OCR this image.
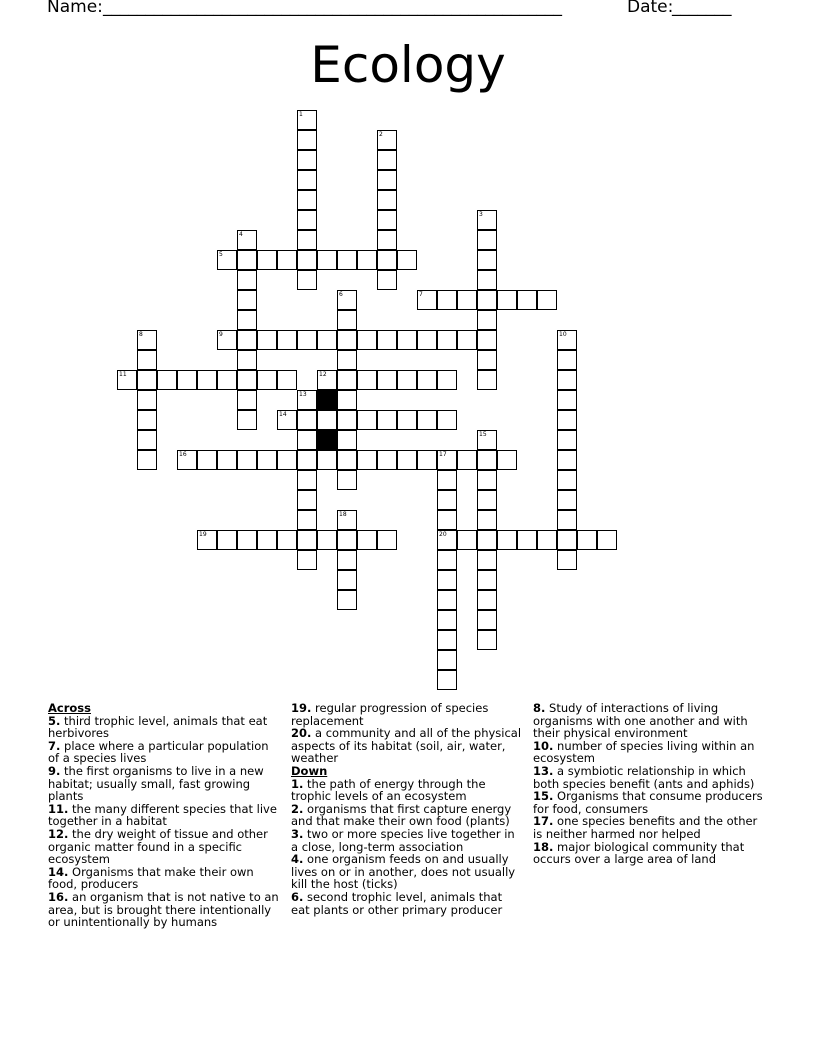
Name:
______________________________________________________	Date:
_______
Ecology
1
2
3
4
5
6	7
8	9	10
11	12
13
14
15
16	17
20
18
19
Across
5. third trophic level, animals that eat herbivores
7. place where a particular population of a species lives
9. the first organisms to live in a new habitat; usually small, fast growing plants
11. the many different species that live together in a habitat
12. the dry weight of tissue and other organic matter found in a specific ecosystem
14. Organisms that make their own food, producers
16. an organism that is not native to an area, but is brought there intentionally or unintentionally by humans
19. regular progression of species replacement
20. a community and all of the physical aspects of its habitat (soil, air, water, weather
Down
1. the path of energy through the trophic levels of an ecosystem
2. organisms that first capture energy and that make their own food (plants)
3. two or more species live together in a close, long-term association
4. one organism feeds on and usually lives on or in another, does not usually kill the host (ticks)
6. second trophic level, animals that eat plants or other primary producer
8. Study of interactions of living organisms with one another and with their physical environment
10. number of species living within an ecosystem
13. a symbiotic relationship in which both species benefit (ants and aphids)
15. Organisms that consume producers for food, consumers
17. one species benefits and the other is neither harmed nor helped
18. major biological community that occurs over a large area of land
